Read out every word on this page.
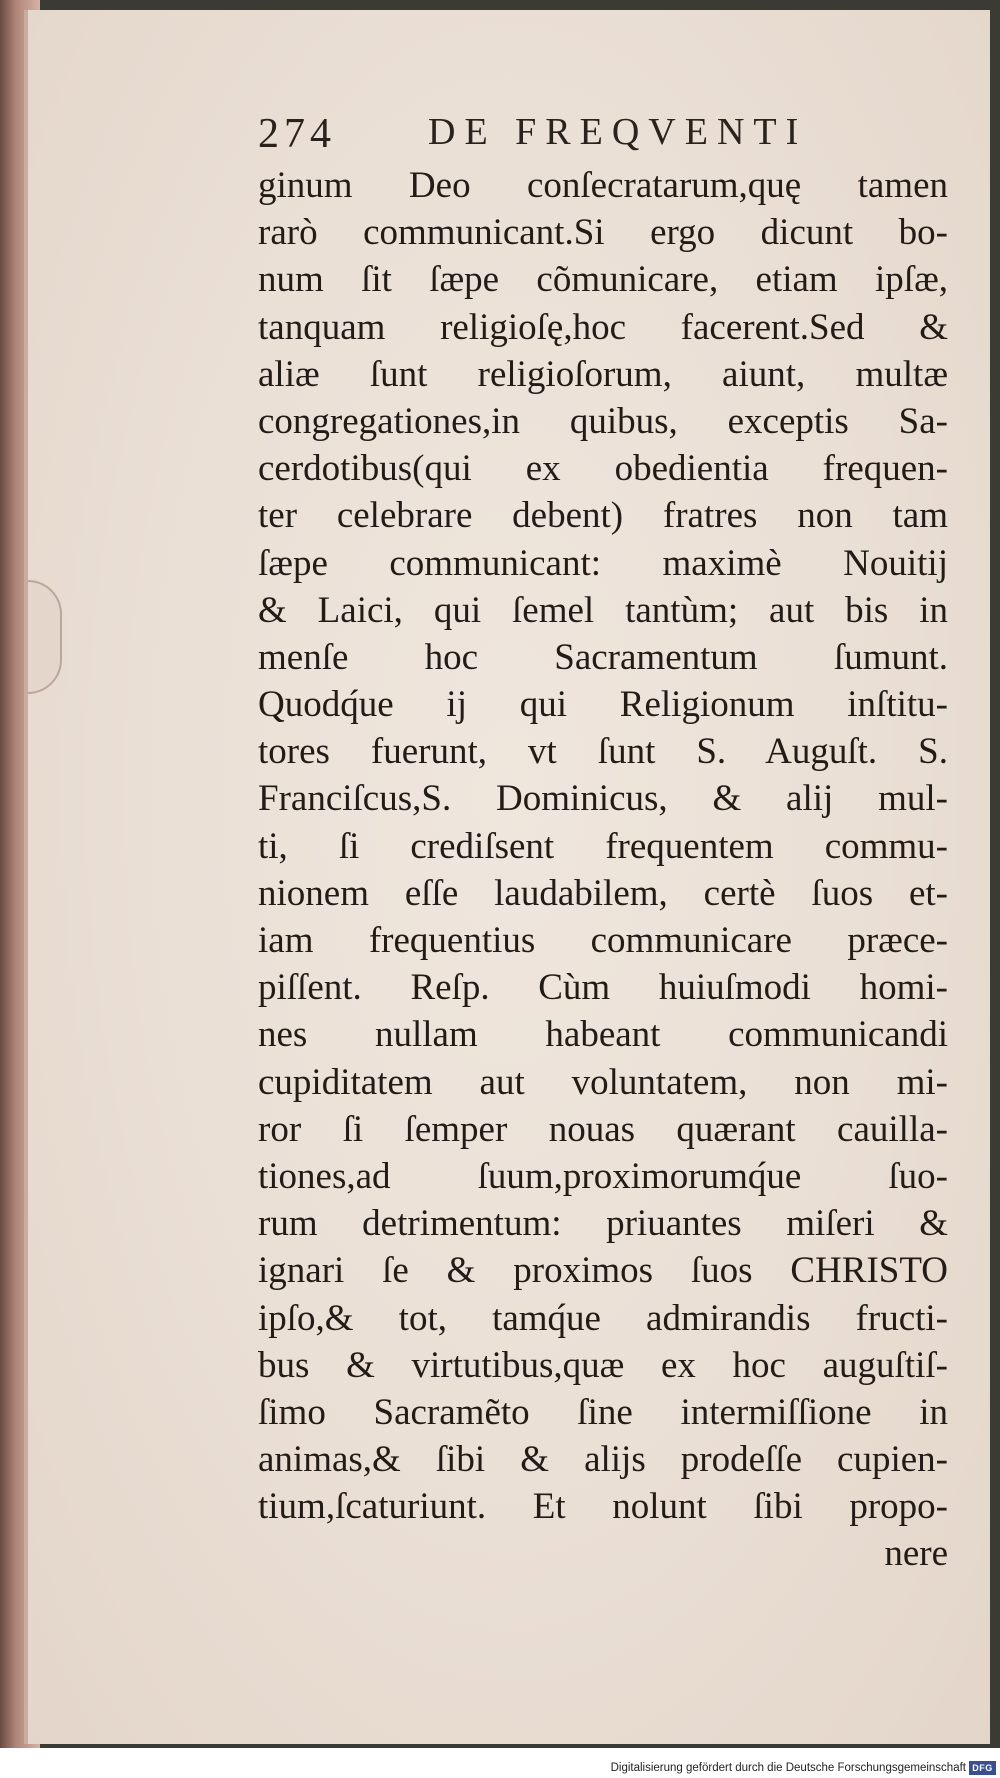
274 DE FREQVENTI
ginum Deo conſecratarum,quę tamen
rarò communicant.Si ergo dicunt bo-
num ſit ſæpe cõmunicare, etiam ipſæ,
tanquam religioſę,hoc facerent.Sed &
aliæ ſunt religioſorum, aiunt, multæ
congregationes,in quibus, exceptis Sa-
cerdotibus(qui ex obedientia frequen-
ter celebrare debent) fratres non tam
ſæpe communicant: maximè Nouitij
& Laici, qui ſemel tantùm; aut bis in
menſe hoc Sacramentum ſumunt.
Quodq́ue ij qui Religionum inſtitu-
tores fuerunt, vt ſunt S. Auguſt. S.
Franciſcus,S. Dominicus, & alij mul-
ti, ſi crediſsent frequentem commu-
nionem eſſe laudabilem, certè ſuos et-
iam frequentius communicare præce-
piſſent. Reſp. Cùm huiuſmodi homi-
nes nullam habeant communicandi
cupiditatem aut voluntatem, non mi-
ror ſi ſemper nouas quærant cauilla-
tiones,ad ſuum,proximorumq́ue ſuo-
rum detrimentum: priuantes miſeri &
ignari ſe & proximos ſuos CHRISTO
ipſo,& tot, tamq́ue admirandis fructi-
bus & virtutibus,quæ ex hoc auguſtiſ-
ſimo Sacramẽto ſine intermiſſione in
animas,& ſibi & alijs prodeſſe cupien-
tium,ſcaturiunt. Et nolunt ſibi propo-
nere
Digitalisierung gefördert durch die Deutsche Forschungsgemeinschaft DFG
